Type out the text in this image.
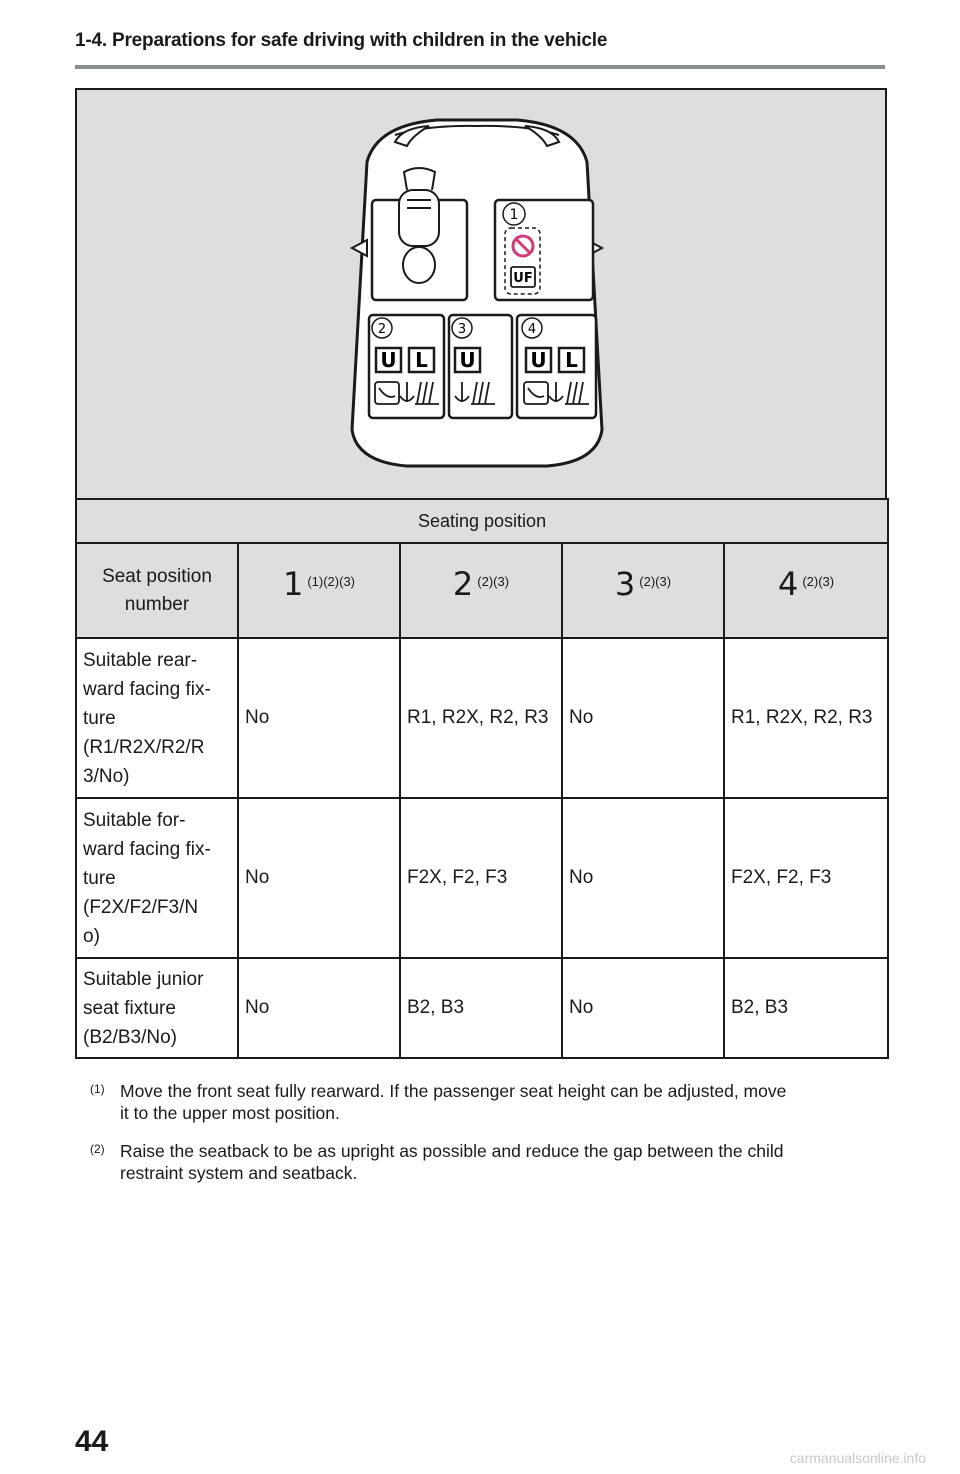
1-4. Preparations for safe driving with children in the vehicle
1
UF
2	3	4
U L U	U L
Seating position				
Seat position number	1 (1)(2)(3)	2 (2)(3)	3 (2)(3)	4 (2)(3)

Suitable rear-
ward facing fix-
ture
(R1/R2X/R2/R
3/No)	No	R1, R2X, R2, R3	No	R1, R2X, R2, R3

Suitable for-
ward facing fix-
ture
(F2X/F2/F3/N
o)	No	F2X, F2, F3	No	F2X, F2, F3

Suitable junior
seat fixture
(B2/B3/No)	No	B2, B3	No	B2, B3
(1) Move the front seat fully rearward. If the passenger seat height can be adjusted, move
it to the upper most position.
(2) Raise the seatback to be as upright as possible and reduce the gap between the child
restraint system and seatback.
44	carmanualsonline.info
